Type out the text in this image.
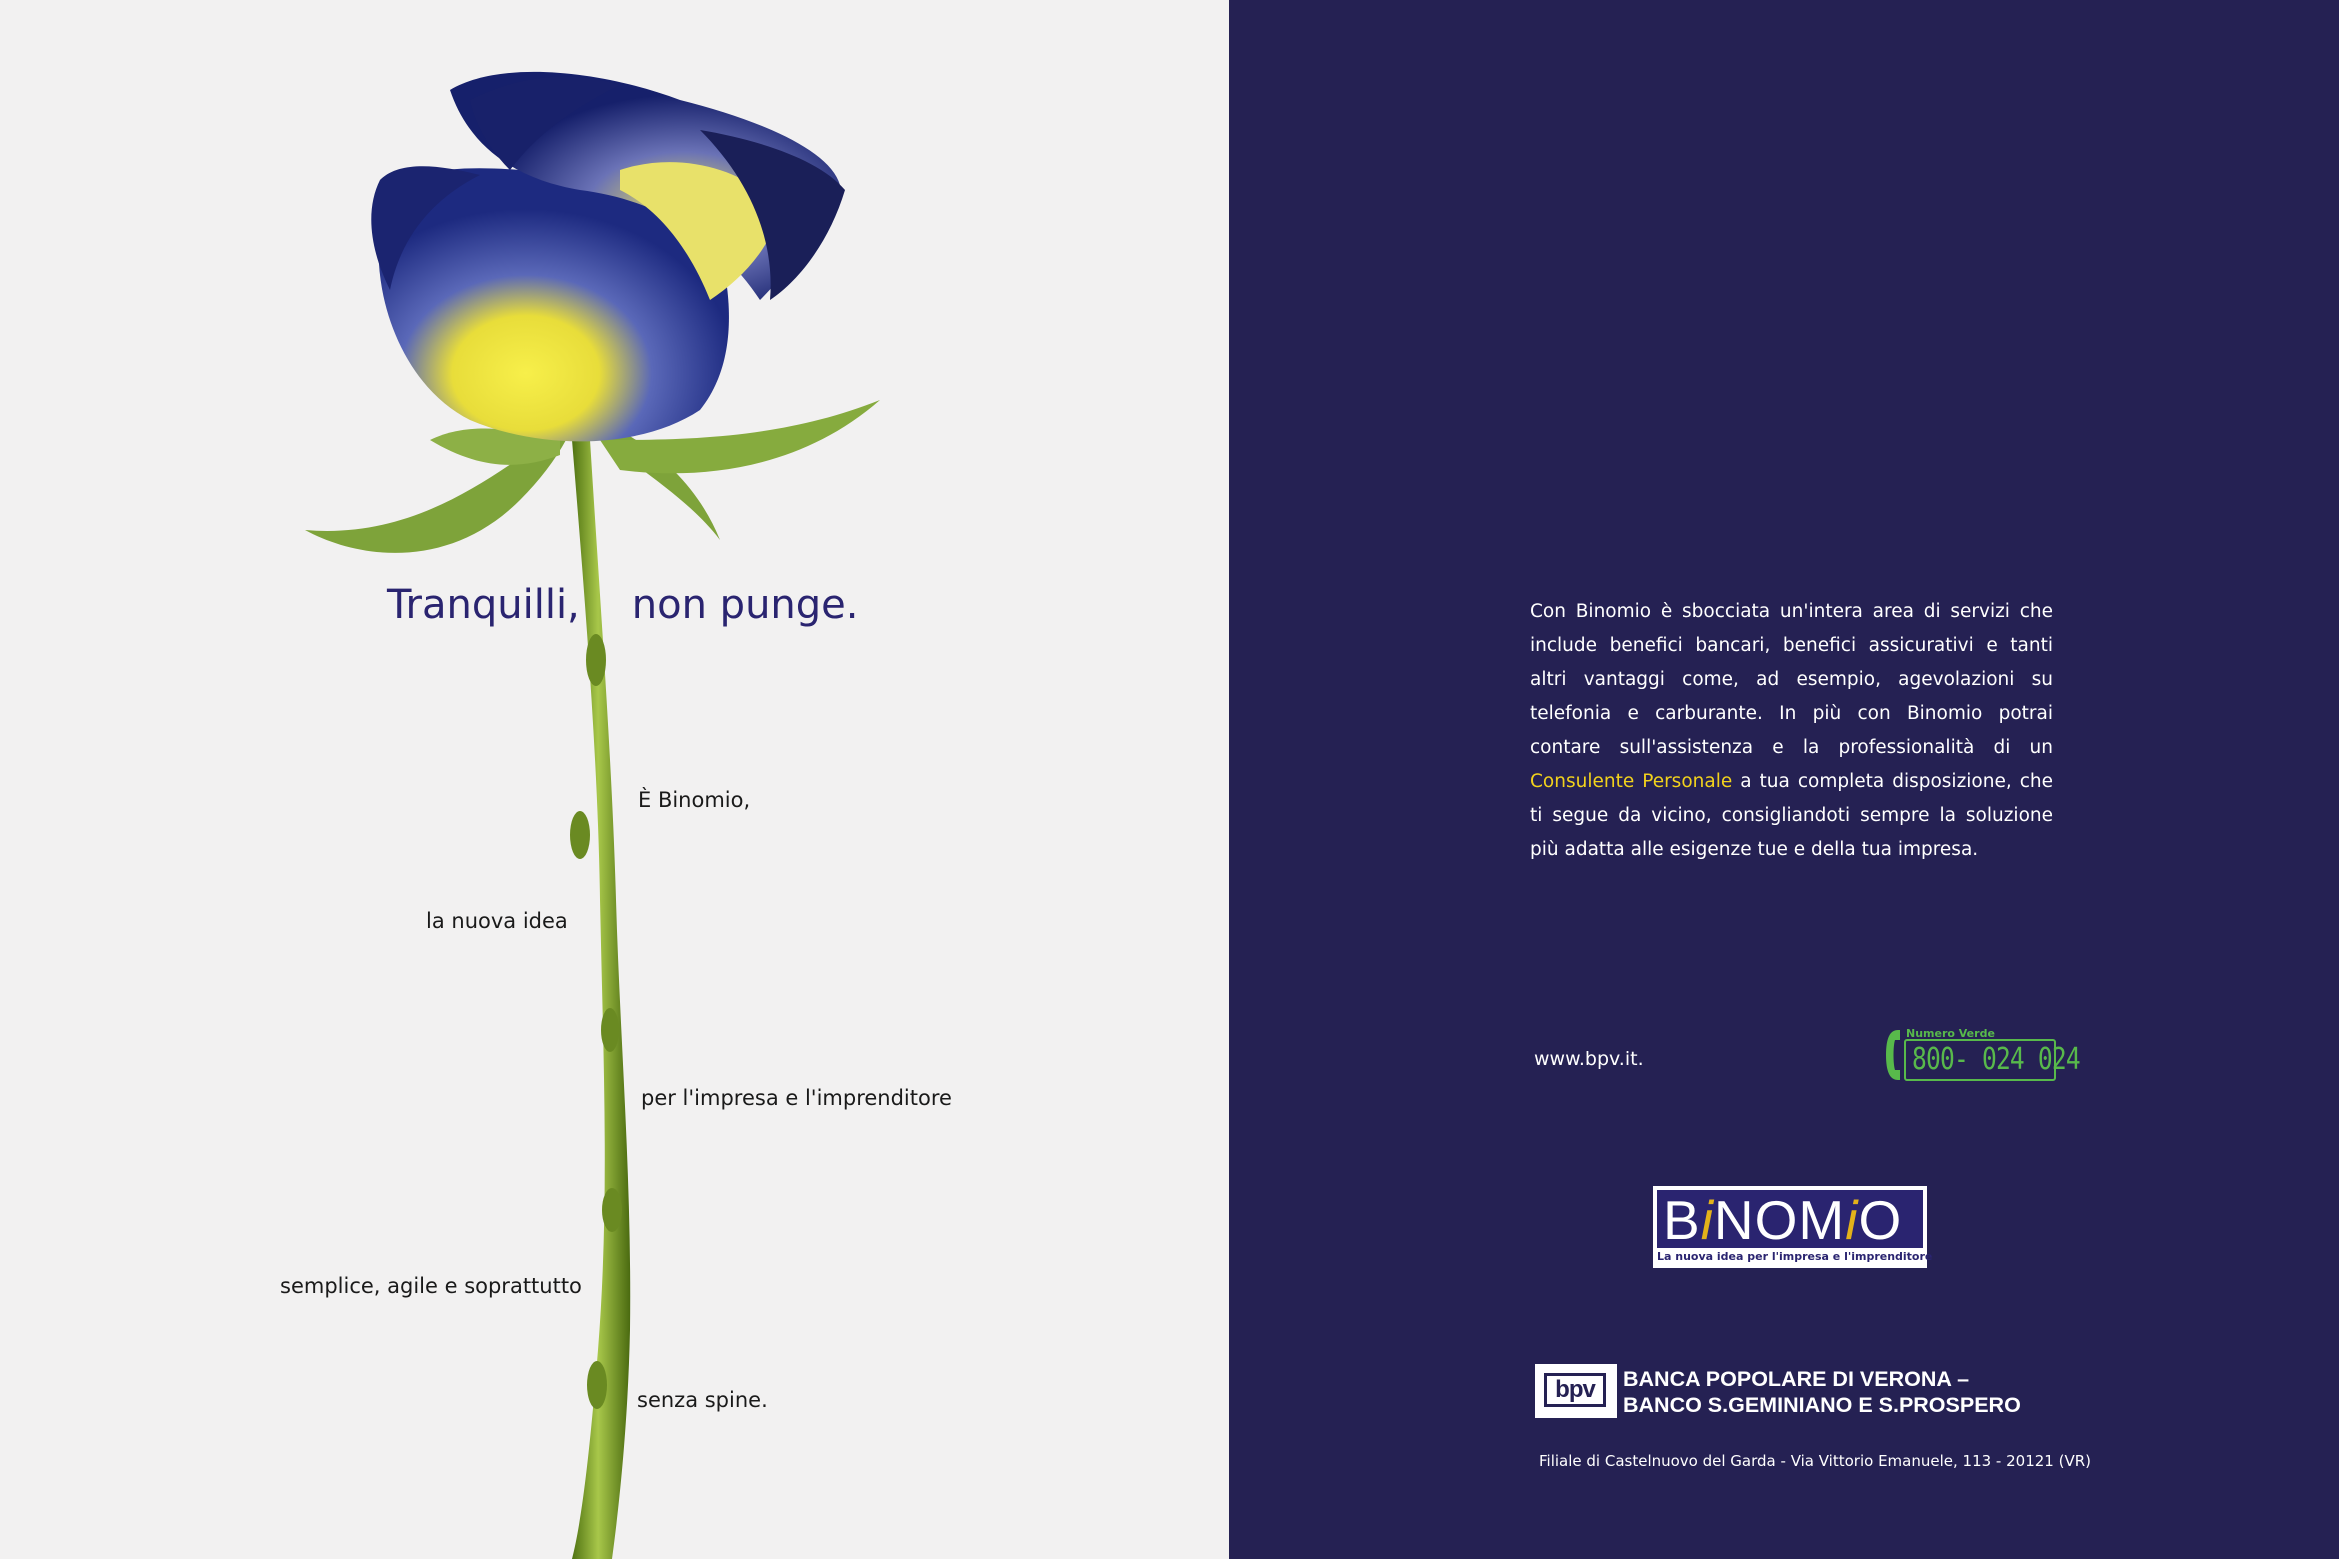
Tranquilli, non punge.
È Binomio,
la nuova idea
per l'impresa e l'imprenditore
semplice, agile e soprattutto
senza spine.
Con Binomio è sbocciata un'intera area di servizi che include benefici bancari, benefici assicurativi e tanti altri vantaggi come, ad esempio, agevolazioni su telefonia e carburante. In più con Binomio potrai contare sull'assistenza e la professionalità di un Consulente Personale a tua completa disposizione, che ti segue da vicino, consigliandoti sempre la soluzione più adatta alle esigenze tue e della tua impresa.
www.bpv.it.
Numero Verde
800- 024 024
BiNOMiO
La nuova idea per l'impresa e l'imprenditore
bpv	BANCA POPOLARE DI VERONA –
BANCO S.GEMINIANO E S.PROSPERO
Filiale di Castelnuovo del Garda - Via Vittorio Emanuele, 113 - 20121 (VR)
